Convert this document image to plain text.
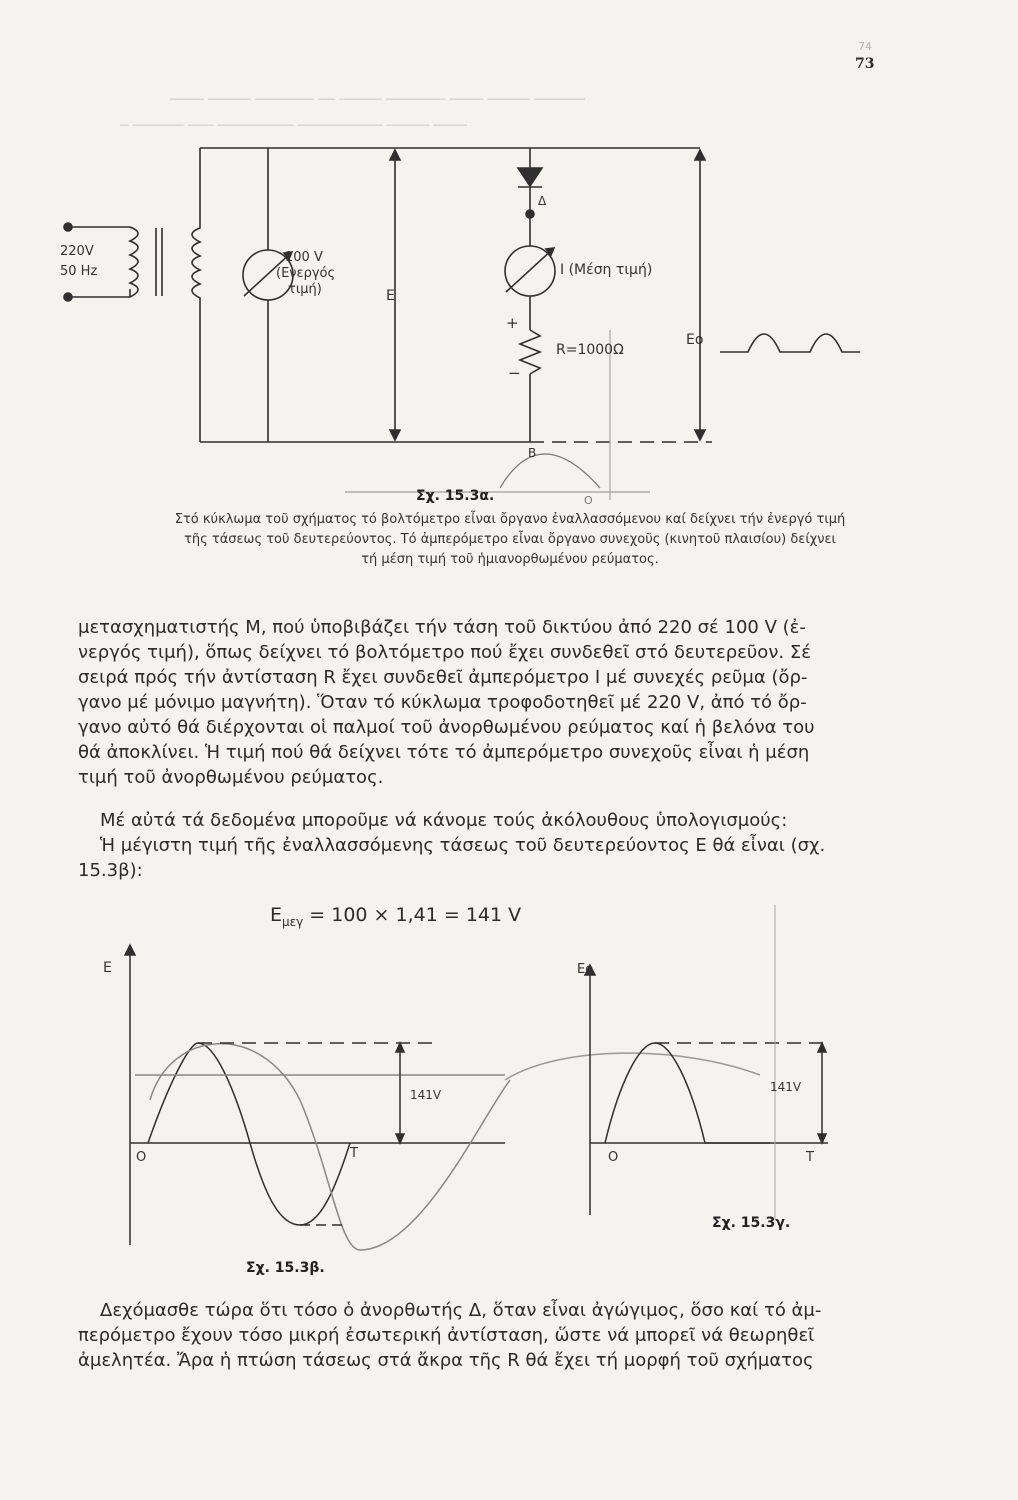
74
73
────── ───── ──── ─────── ───── ── ─────── ───── ────
──── ───── ────────── ───────── ─── ────── ─
220V
50 Hz
100 V
(Ενεργός
τιμή)	E
Δ
I (Μέση τιμή)
+
−
R=1000Ω
Eo
B
O
Σχ. 15.3α.
Στό κύκλωμα τοῦ σχήματος τό βολτόμετρο εἶναι ὄργανο ἐναλλασσόμενου καί δείχνει τήν ἐνεργό τιμή
τῆς τάσεως τοῦ δευτερεύοντος. Τό ἀμπερόμετρο εἶναι ὄργανο συνεχοῦς (κινητοῦ πλαισίου) δείχνει
τή μέση τιμή τοῦ ἡμιανορθωμένου ρεύματος.
μετασχηματιστής M, πού ὑποβιβάζει τήν τάση τοῦ δικτύου ἀπό 220 σέ 100 V (ἐ-
νεργός τιμή), ὅπως δείχνει τό βολτόμετρο πού ἔχει συνδεθεῖ στό δευτερεῦον. Σέ
σειρά πρός τήν ἀντίσταση R ἔχει συνδεθεῖ ἀμπερόμετρο I μέ συνεχές ρεῦμα (ὄρ-
γανο μέ μόνιμο μαγνήτη). Ὅταν τό κύκλωμα τροφοδοτηθεῖ μέ 220 V, ἀπό τό ὄρ-
γανο αὐτό θά διέρχονται οἱ παλμοί τοῦ ἀνορθωμένου ρεύματος καί ἡ βελόνα του
θά ἀποκλίνει. Ἡ τιμή πού θά δείχνει τότε τό ἀμπερόμετρο συνεχοῦς εἶναι ἡ μέση
τιμή τοῦ ἀνορθωμένου ρεύματος.
Μέ αὐτά τά δεδομένα μποροῦμε νά κάνομε τούς ἀκόλουθους ὑπολογισμούς:
Ἡ μέγιστη τιμή τῆς ἐναλλασσόμενης τάσεως τοῦ δευτερεύοντος E θά εἶναι (σχ.
15.3β):
$E_{\mu\varepsilon\gamma} = 100 \times 1,41 = 141$ V
E
O	T
141V
Σχ. 15.3β.
Eo
O	T
141V
Σχ. 15.3γ.
Δεχόμασθε τώρα ὅτι τόσο ὁ ἀνορθωτής Δ, ὅταν εἶναι ἀγώγιμος, ὅσο καί τό ἀμ-
περόμετρο ἔχουν τόσο μικρή ἐσωτερική ἀντίσταση, ὥστε νά μπορεῖ νά θεωρηθεῖ
ἀμελητέα. Ἄρα ἡ πτώση τάσεως στά ἄκρα τῆς R θά ἔχει τή μορφή τοῦ σχήματος
